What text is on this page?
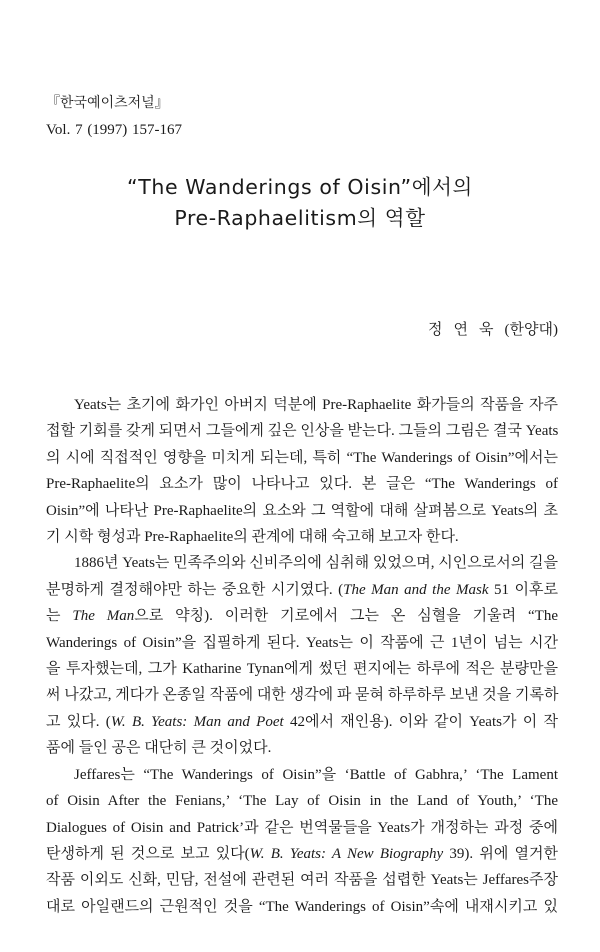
『한국예이츠저널』
Vol. 7 (1997) 157-167
“The Wanderings of Oisin”에서의
Pre-Raphaelitism의 역할
정연욱(한양대)

Yeats는 초기에 화가인 아버지 덕분에 Pre-Raphaelite 화가들의 작품을 자주
접할 기회를 갖게 되면서 그들에게 깊은 인상을 받는다. 그들의 그림은 결국 Yeats
의 시에 직접적인 영향을 미치게 되는데, 특히 “The Wanderings of Oisin”에서는
Pre-Raphaelite의 요소가 많이 나타나고 있다. 본 글은 “The Wanderings of
Oisin”에 나타난 Pre-Raphaelite의 요소와 그 역할에 대해 살펴봄으로 Yeats의 초
기 시학 형성과 Pre-Raphaelite의 관계에 대해 숙고해 보고자 한다.

1886년 Yeats는 민족주의와 신비주의에 심취해 있었으며, 시인으로서의 길을
분명하게 결정해야만 하는 중요한 시기였다. (The Man and the Mask 51 이후로
는 The Man으로 약칭). 이러한 기로에서 그는 온 심혈을 기울려 “The
Wanderings of Oisin”을 집필하게 된다. Yeats는 이 작품에 근 1년이 넘는 시간
을 투자했는데, 그가 Katharine Tynan에게 썼던 편지에는 하루에 적은 분량만을
써 나갔고, 게다가 온종일 작품에 대한 생각에 파 묻혀 하루하루 보낸 것을 기록하
고 있다. (W. B. Yeats: Man and Poet 42에서 재인용). 이와 같이 Yeats가 이 작
품에 들인 공은 대단히 큰 것이었다.

Jeffares는 “The Wanderings of Oisin”을 ‘Battle of Gabhra,’ ‘The Lament
of Oisin After the Fenians,’ ‘The Lay of Oisin in the Land of Youth,’ ‘The
Dialogues of Oisin and Patrick’과 같은 번역물들을 Yeats가 개정하는 과정 중에
탄생하게 된 것으로 보고 있다(W. B. Yeats: A New Biography 39). 위에 열거한
작품 이외도 신화, 민담, 전설에 관련된 여러 작품을 섭렵한 Yeats는 Jeffares주장
대로 아일랜드의 근원적인 것을 “The Wanderings of Oisin”속에 내재시키고 있
